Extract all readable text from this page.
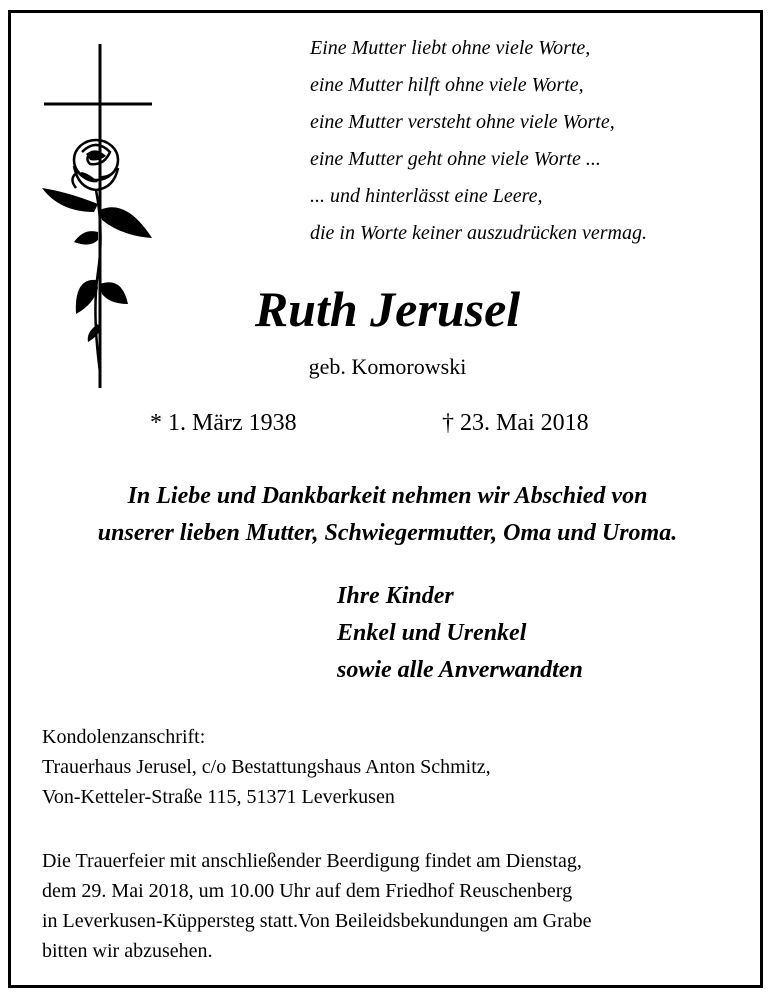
Eine Mutter liebt ohne viele Worte,
eine Mutter hilft ohne viele Worte,
eine Mutter versteht ohne viele Worte,
eine Mutter geht ohne viele Worte ...
... und hinterlässt eine Leere,
die in Worte keiner auszudrücken vermag.
Ruth Jerusel
geb. Komorowski
* 1. März 1938	† 23. Mai 2018
In Liebe und Dankbarkeit nehmen wir Abschied von
unserer lieben Mutter, Schwiegermutter, Oma und Uroma.
Ihre Kinder
Enkel und Urenkel
sowie alle Anverwandten
Kondolenzanschrift:
Trauerhaus Jerusel, c/o Bestattungshaus Anton Schmitz,
Von-Ketteler-Straße 115, 51371 Leverkusen
Die Trauerfeier mit anschließender Beerdigung findet am Dienstag,
dem 29. Mai 2018, um 10.00 Uhr auf dem Friedhof Reuschenberg
in Leverkusen-Küppersteg statt.Von Beileidsbekundungen am Grabe
bitten wir abzusehen.
